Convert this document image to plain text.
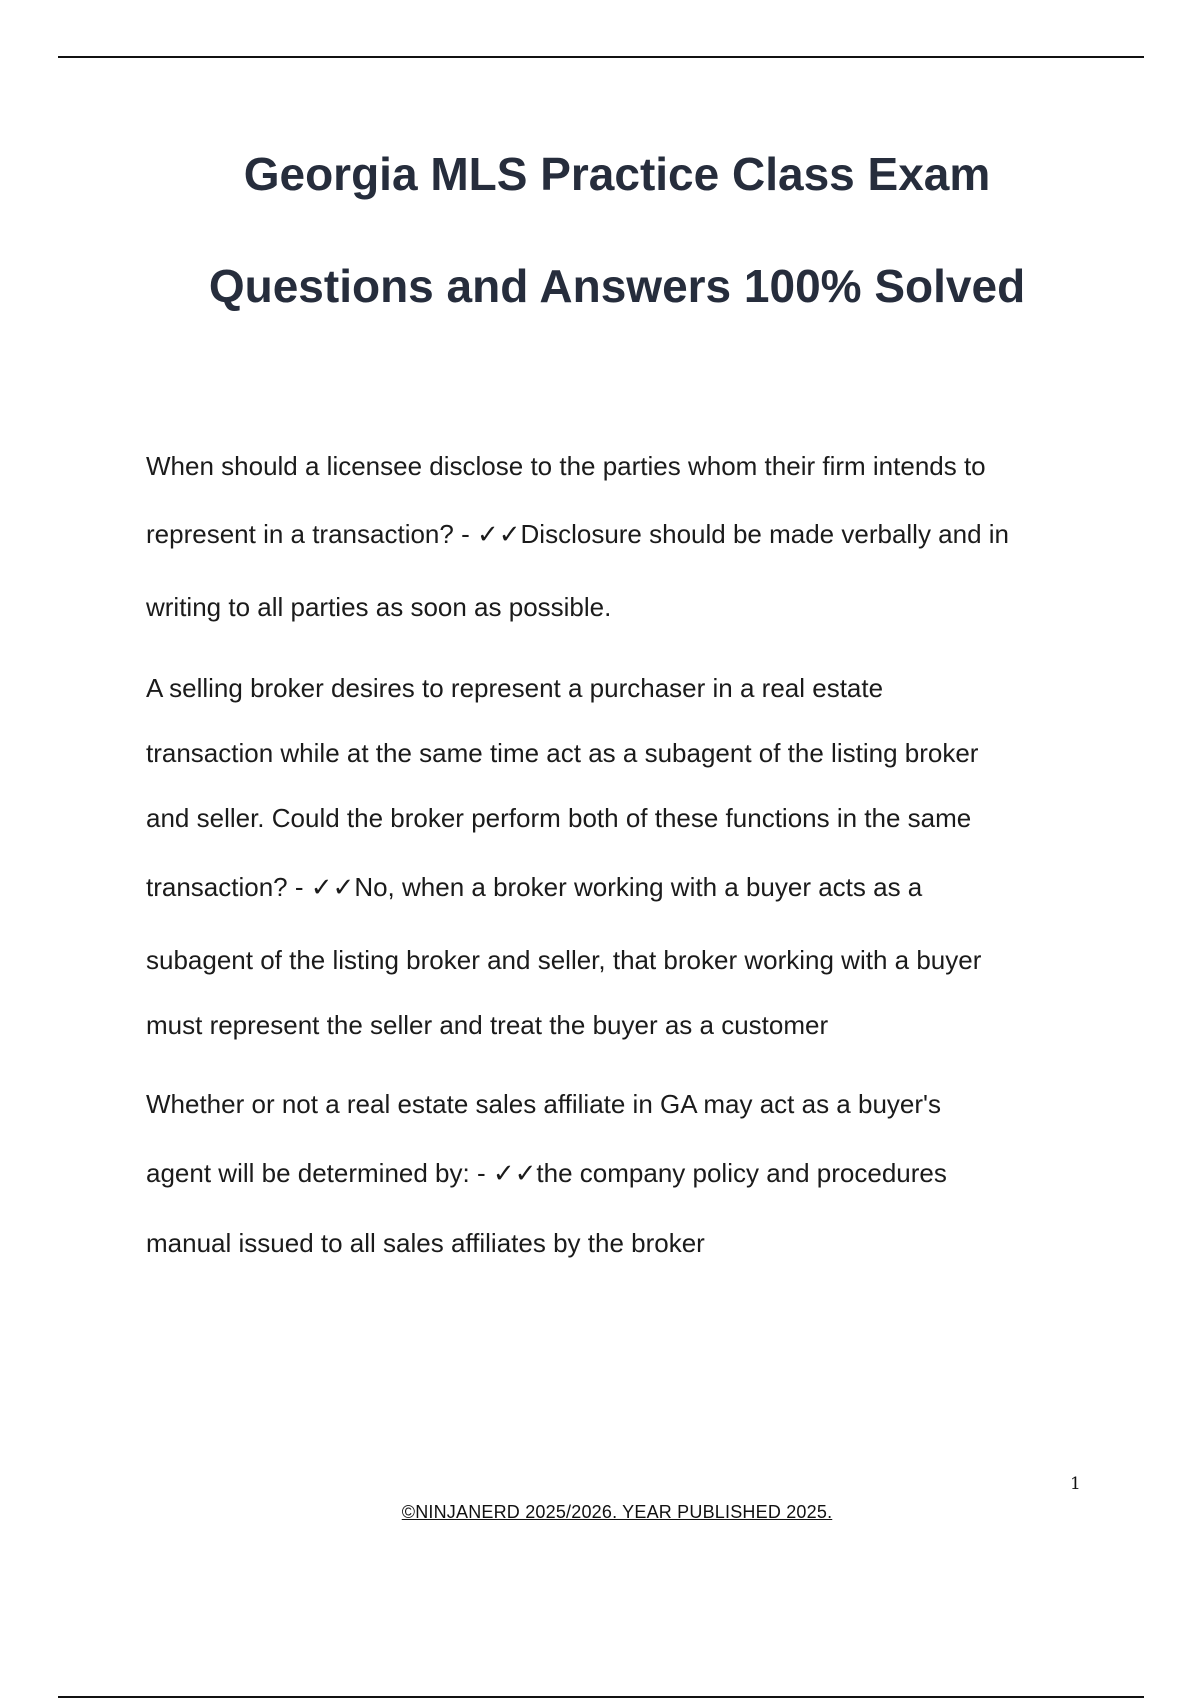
Georgia MLS Practice Class Exam
Questions and Answers 100% Solved
When should a licensee disclose to the parties whom their firm intends to
represent in a transaction? - ✓✓Disclosure should be made verbally and in
writing to all parties as soon as possible.
A selling broker desires to represent a purchaser in a real estate
transaction while at the same time act as a subagent of the listing broker
and seller. Could the broker perform both of these functions in the same
transaction? - ✓✓No, when a broker working with a buyer acts as a
subagent of the listing broker and seller, that broker working with a buyer
must represent the seller and treat the buyer as a customer
Whether or not a real estate sales affiliate in GA may act as a buyer's
agent will be determined by: - ✓✓the company policy and procedures
manual issued to all sales affiliates by the broker
1
©NINJANERD 2025/2026. YEAR PUBLISHED 2025.
